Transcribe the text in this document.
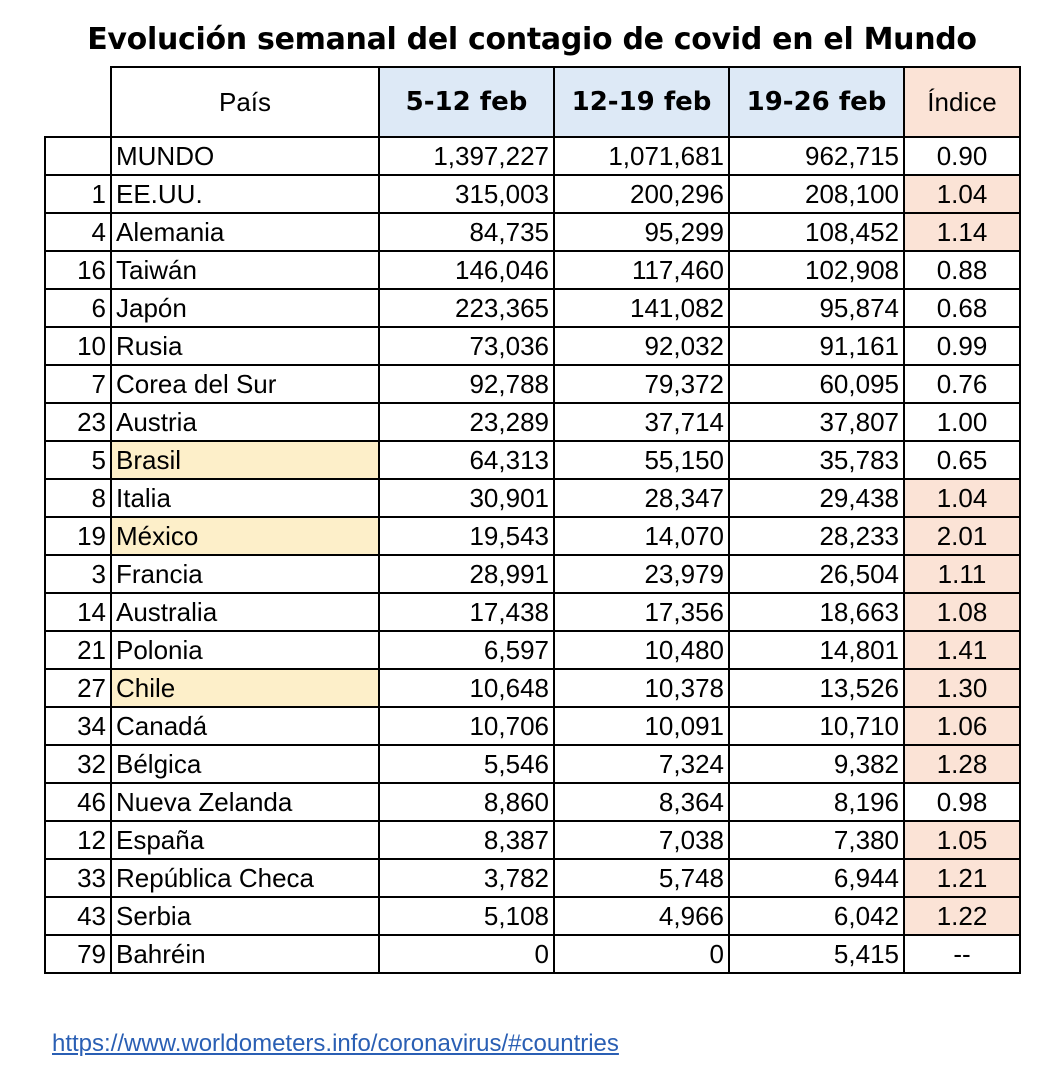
Evolución semanal del contagio de covid en el Mundo
	País	5-12 feb	12-19 feb	19-26 feb	Índice
	MUNDO	1,397,227	1,071,681	962,715	0.90
1	EE.UU.	315,003	200,296	208,100	1.04
4	Alemania	84,735	95,299	108,452	1.14
16	Taiwán	146,046	117,460	102,908	0.88
6	Japón	223,365	141,082	95,874	0.68
10	Rusia	73,036	92,032	91,161	0.99
7	Corea del Sur	92,788	79,372	60,095	0.76
23	Austria	23,289	37,714	37,807	1.00
5	Brasil	64,313	55,150	35,783	0.65
8	Italia	30,901	28,347	29,438	1.04
19	México	19,543	14,070	28,233	2.01
3	Francia	28,991	23,979	26,504	1.11
14	Australia	17,438	17,356	18,663	1.08
21	Polonia	6,597	10,480	14,801	1.41
27	Chile	10,648	10,378	13,526	1.30
34	Canadá	10,706	10,091	10,710	1.06
32	Bélgica	5,546	7,324	9,382	1.28
46	Nueva Zelanda	8,860	8,364	8,196	0.98
12	España	8,387	7,038	7,380	1.05
33	República Checa	3,782	5,748	6,944	1.21
43	Serbia	5,108	4,966	6,042	1.22
79	Bahréin	0	0	5,415	--
https://www.worldometers.info/coronavirus/#countries
